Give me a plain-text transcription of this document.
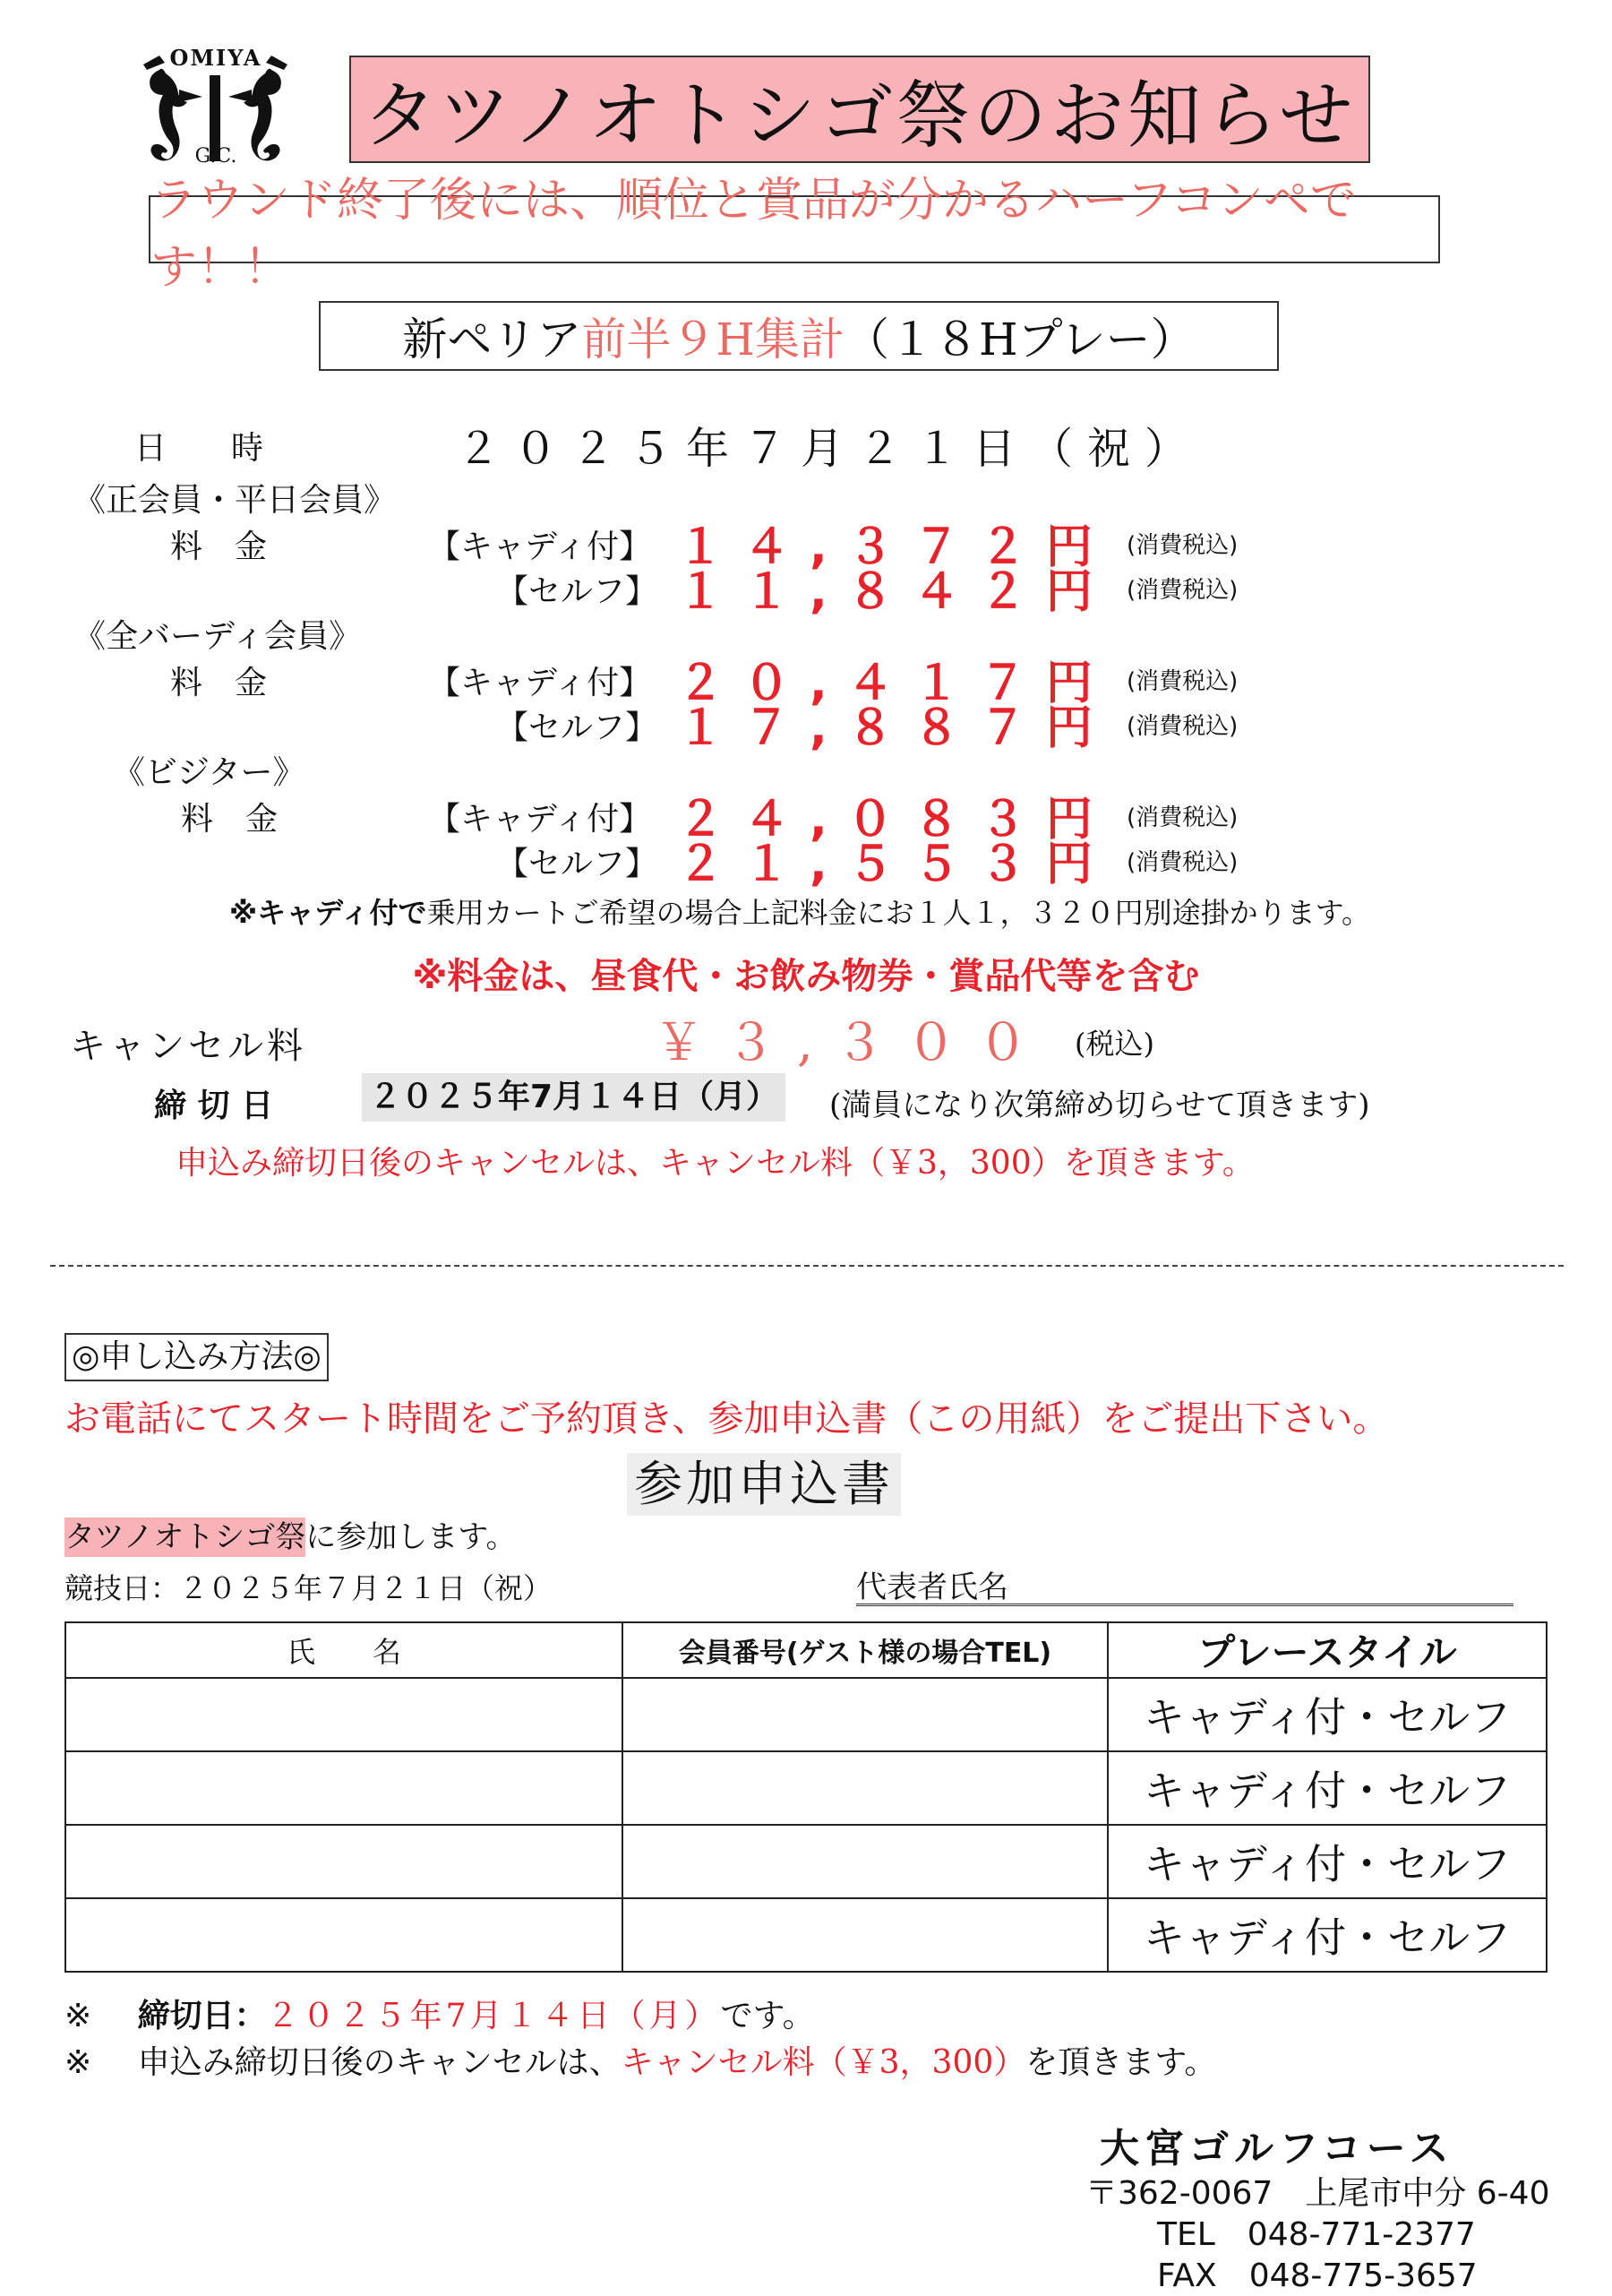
OMIYA
G.C. タツノオトシゴ祭のお知らせ
ラウンド終了後には、順位と賞品が分かるハーフコンペです！！
新ペリア 前半９H集計 （１８Hプレー）
日　　時	２０２５年７月２１日（祝）
《正会員・平日会員》
料　金	【キャディ付】 １４,３７２円 (消費税込)
【セルフ】 １１,８４２円 (消費税込)
《全バーディ会員》
料　金	【キャディ付】 ２０,４１７円 (消費税込)
【セルフ】 １７,８８７円 (消費税込)
《ビジター》
料　金	【キャディ付】 ２４,０８３円 (消費税込)
【セルフ】 ２１,５５３円 (消費税込)
※キャディ付で乗用カートご希望の場合上記料金にお１人１，３２０円別途掛かります。
※料金は、昼食代・お飲み物券・賞品代等を含む
キャンセル料	￥３,３００ (税込)
締 切 日	２０２５年7月１４日（月） (満員になり次第締め切らせて頂きます)
申込み締切日後のキャンセルは、キャンセル料（￥3，300）を頂きます。
◎申し込み方法◎
お電話にてスタート時間をご予約頂き、参加申込書（この用紙）をご提出下さい。
参加申込書
タツノオトシゴ祭に参加します。
競技日：２０２５年７月２１日（祝）	代表者氏名
氏　　名	会員番号(ゲスト様の場合TEL)	プレースタイル
		キャディ付・セルフ
		キャディ付・セルフ
		キャディ付・セルフ
		キャディ付・セルフ
※ 締切日：２０２５年7月１４日（月）です。
※ 申込み締切日後のキャンセルは、キャンセル料（￥3，300）を頂きます。
大宮ゴルフコース
〒362-0067　上尾市中分 6-40
TEL　048-771-2377
FAX　048-775-3657
